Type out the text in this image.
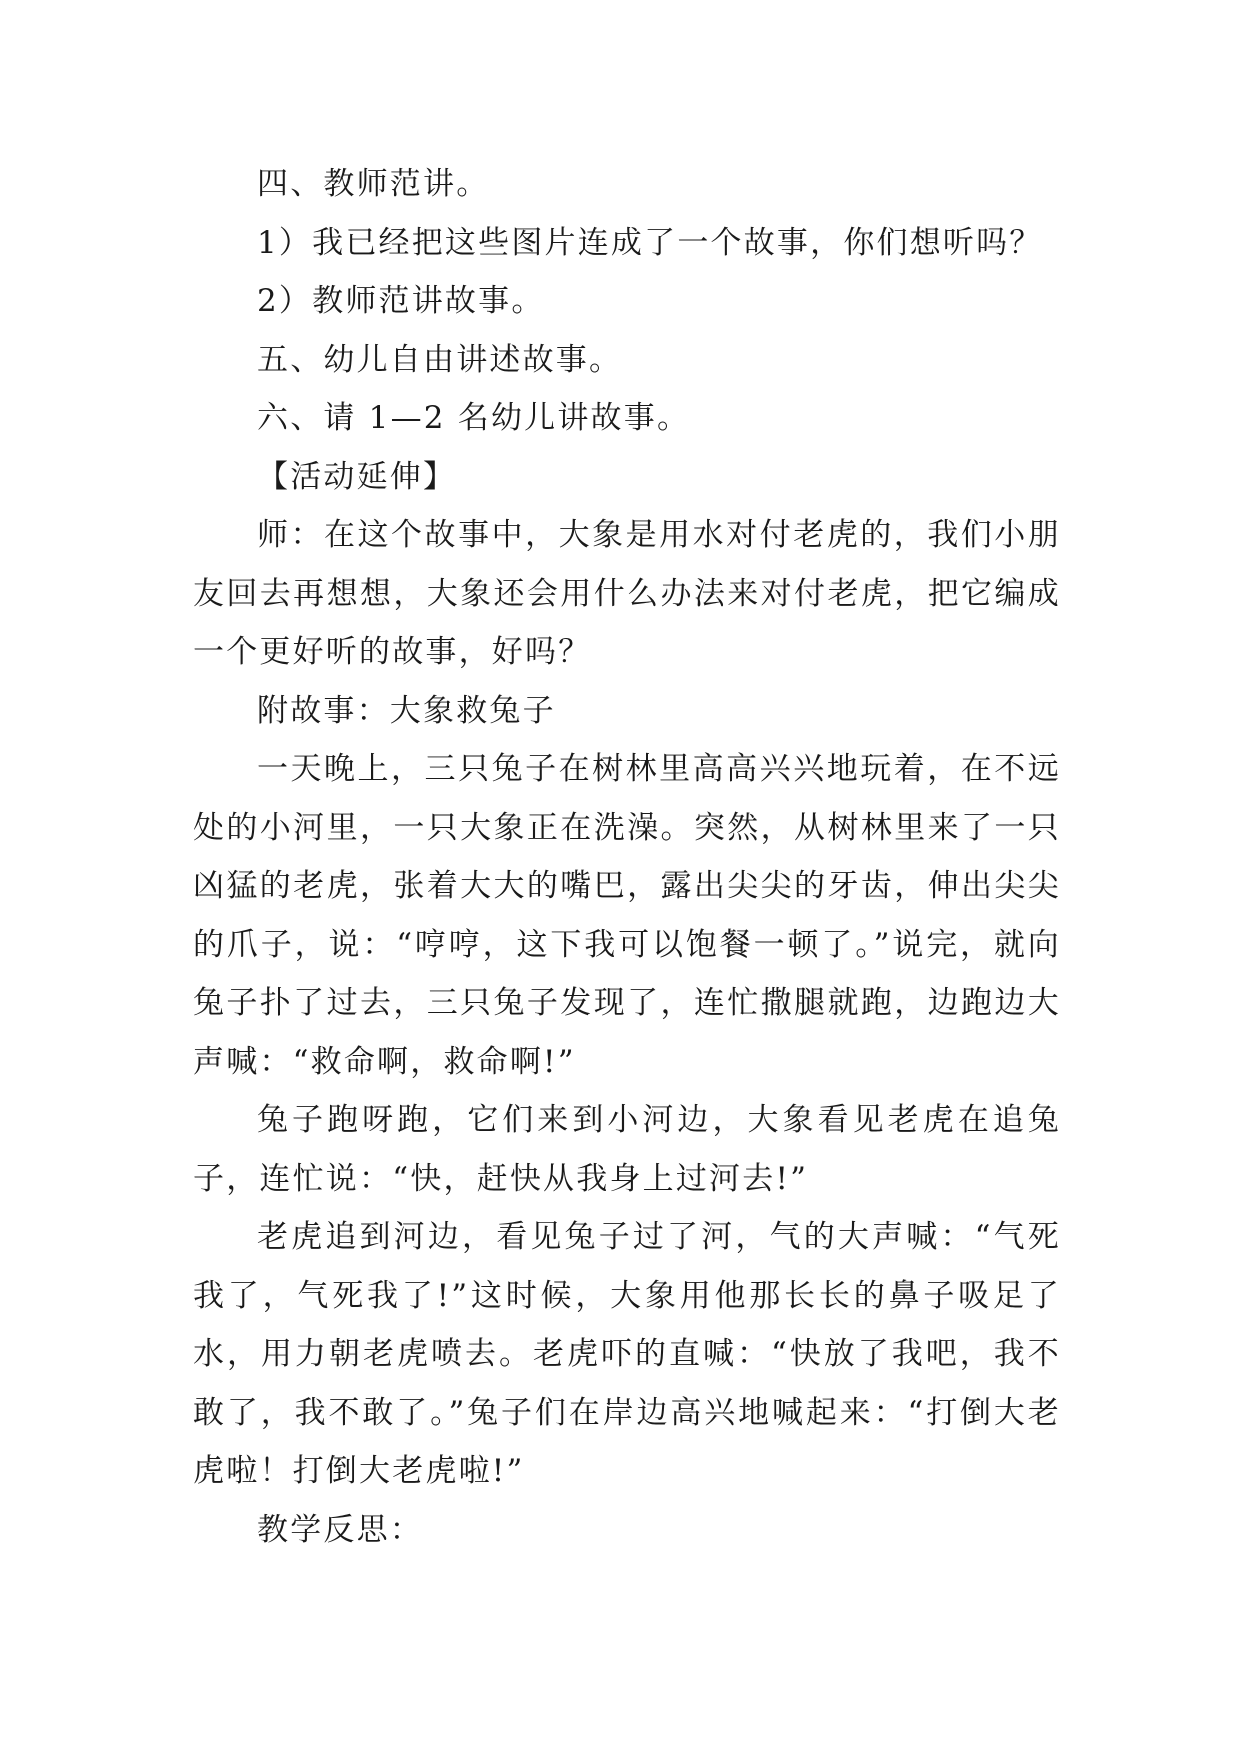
四、教师范讲。

1）我已经把这些图片连成了一个故事，你们想听吗？

2）教师范讲故事。

五、幼儿自由讲述故事。

六、请 1—2 名幼儿讲故事。

【活动延伸】

师：在这个故事中，大象是用水对付老虎的，我们小朋友回去再想想，大象还会用什么办法来对付老虎，把它编成一个更好听的故事，好吗？

附故事：大象救兔子

一天晚上，三只兔子在树林里高高兴兴地玩着，在不远处的小河里，一只大象正在洗澡。突然，从树林里来了一只凶猛的老虎，张着大大的嘴巴，露出尖尖的牙齿，伸出尖尖的爪子，说：“哼哼，这下我可以饱餐一顿了。”说完，就向兔子扑了过去，三只兔子发现了，连忙撒腿就跑，边跑边大声喊：“救命啊，救命啊!”

兔子跑呀跑，它们来到小河边，大象看见老虎在追兔子，连忙说：“快，赶快从我身上过河去!”

老虎追到河边，看见兔子过了河，气的大声喊：“气死我了，气死我了!”这时候，大象用他那长长的鼻子吸足了水，用力朝老虎喷去。老虎吓的直喊：“快放了我吧，我不敢了，我不敢了。”兔子们在岸边高兴地喊起来：“打倒大老虎啦！打倒大老虎啦!”

教学反思：
